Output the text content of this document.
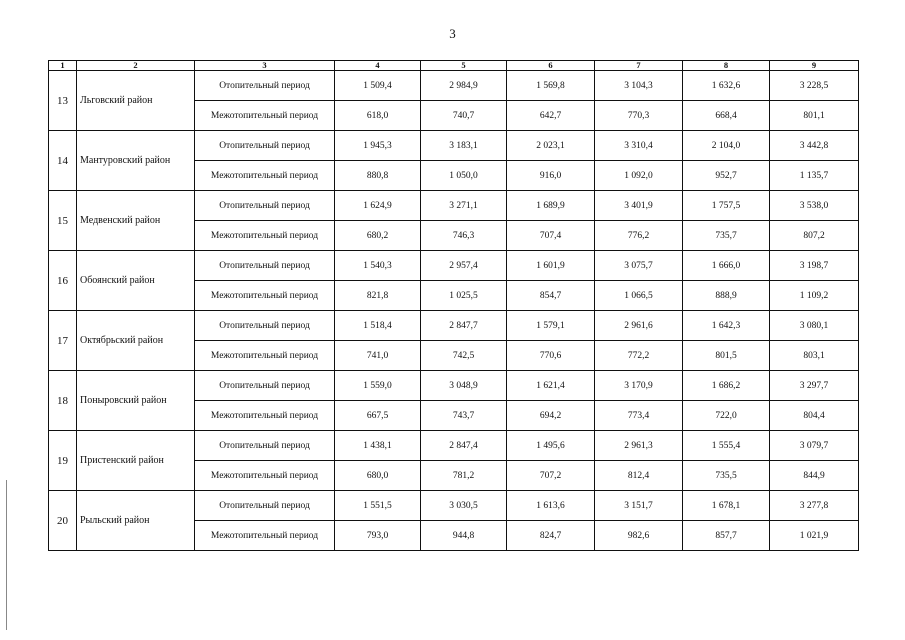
3
1	2	3	4	5	6	7	8	9
13	Льговский район	Отопительный период	1 509,4	2 984,9	1 569,8	3 104,3	1 632,6	3 228,5
		Межотопительный период	618,0	740,7	642,7	770,3	668,4	801,1
14	Мантуровский район	Отопительный период	1 945,3	3 183,1	2 023,1	3 310,4	2 104,0	3 442,8
		Межотопительный период	880,8	1 050,0	916,0	1 092,0	952,7	1 135,7
15	Медвенский район	Отопительный период	1 624,9	3 271,1	1 689,9	3 401,9	1 757,5	3 538,0
		Межотопительный период	680,2	746,3	707,4	776,2	735,7	807,2
16	Обоянский район	Отопительный период	1 540,3	2 957,4	1 601,9	3 075,7	1 666,0	3 198,7
		Межотопительный период	821,8	1 025,5	854,7	1 066,5	888,9	1 109,2
17	Октябрьский район	Отопительный период	1 518,4	2 847,7	1 579,1	2 961,6	1 642,3	3 080,1
		Межотопительный период	741,0	742,5	770,6	772,2	801,5	803,1
18	Поныровский район	Отопительный период	1 559,0	3 048,9	1 621,4	3 170,9	1 686,2	3 297,7
		Межотопительный период	667,5	743,7	694,2	773,4	722,0	804,4
19	Пристенский район	Отопительный период	1 438,1	2 847,4	1 495,6	2 961,3	1 555,4	3 079,7
		Межотопительный период	680,0	781,2	707,2	812,4	735,5	844,9
20	Рыльский район	Отопительный период	1 551,5	3 030,5	1 613,6	3 151,7	1 678,1	3 277,8
		Межотопительный период	793,0	944,8	824,7	982,6	857,7	1 021,9
